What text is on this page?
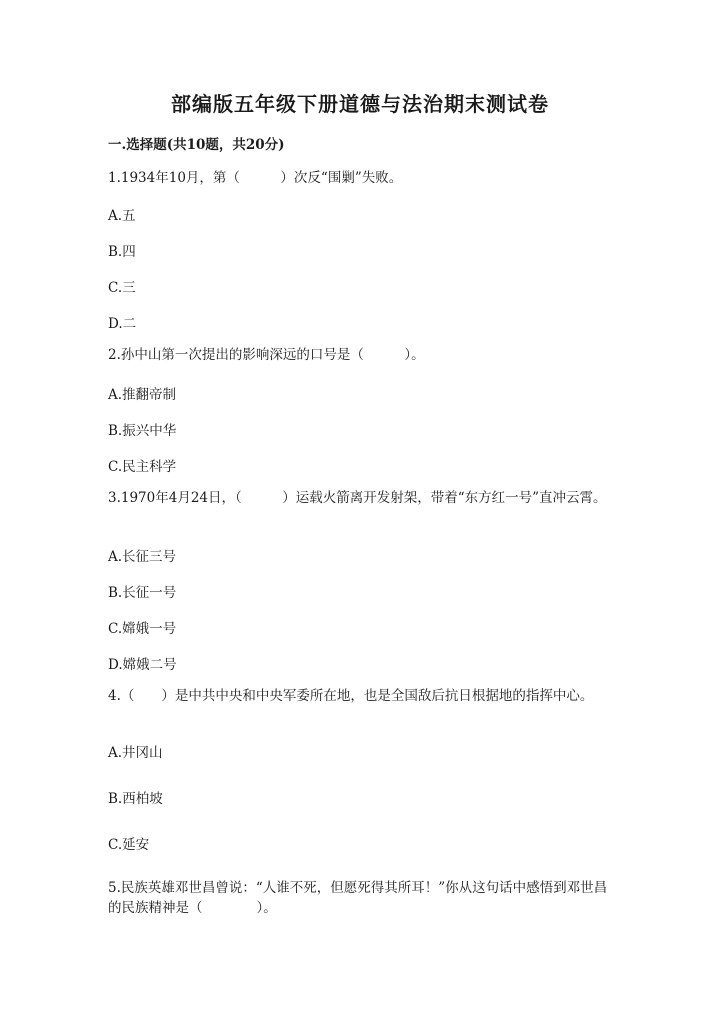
部编版五年级下册道德与法治期末测试卷
一.选择题(共10题，共20分)
1.1934年10月，第（　　　）次反“围剿”失败。
A.五
B.四
C.三
D.二
2.孙中山第一次提出的影响深远的口号是（　　　）。
A.推翻帝制
B.振兴中华
C.民主科学
3.1970年4月24日，（　　　）运载火箭离开发射架，带着“东方红一号”直冲云霄。
A.长征三号
B.长征一号
C.嫦娥一号
D.嫦娥二号
4.（　　）是中共中央和中央军委所在地，也是全国敌后抗日根据地的指挥中心。
A.井冈山
B.西柏坡
C.延安
5.民族英雄邓世昌曾说：“人谁不死，但愿死得其所耳！”你从这句话中感悟到邓世昌的民族精神是（　　　　）。
